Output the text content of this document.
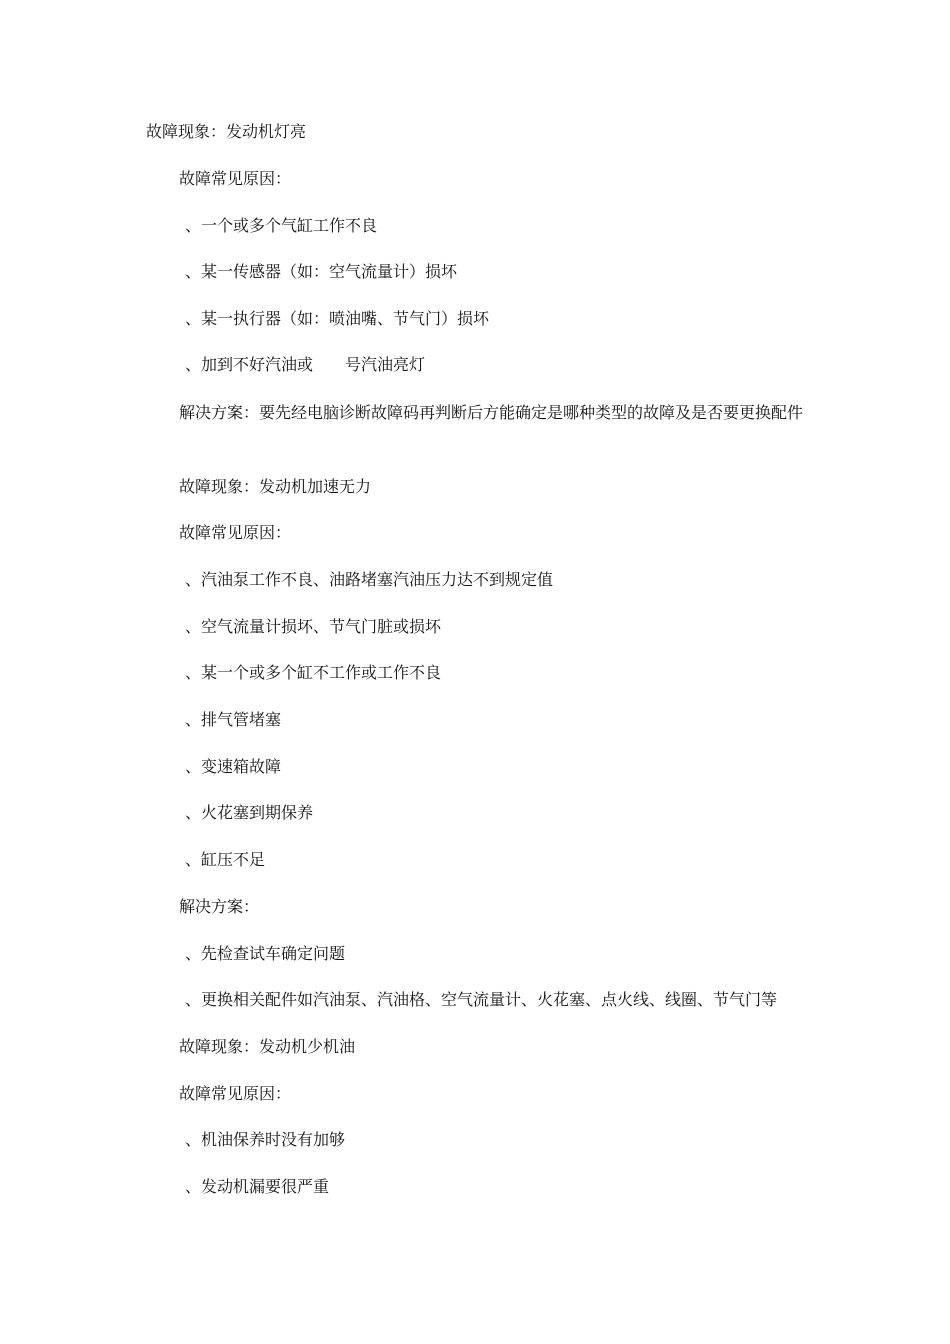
故障现象：发动机灯亮

故障常见原因：

、一个或多个气缸工作不良

、某一传感器（如：空气流量计）损坏

、某一执行器（如：喷油嘴、节气门）损坏

、加到不好汽油或　　号汽油亮灯

解决方案：要先经电脑诊断故障码再判断后方能确定是哪种类型的故障及是否要更换配件

故障现象：发动机加速无力

故障常见原因：

、汽油泵工作不良、油路堵塞汽油压力达不到规定值

、空气流量计损坏、节气门脏或损坏

、某一个或多个缸不工作或工作不良

、排气管堵塞

、变速箱故障

、火花塞到期保养

、缸压不足

解决方案：

、先检查试车确定问题

、更换相关配件如汽油泵、汽油格、空气流量计、火花塞、点火线、线圈、节气门等

故障现象：发动机少机油

故障常见原因：

、机油保养时没有加够

、发动机漏要很严重
